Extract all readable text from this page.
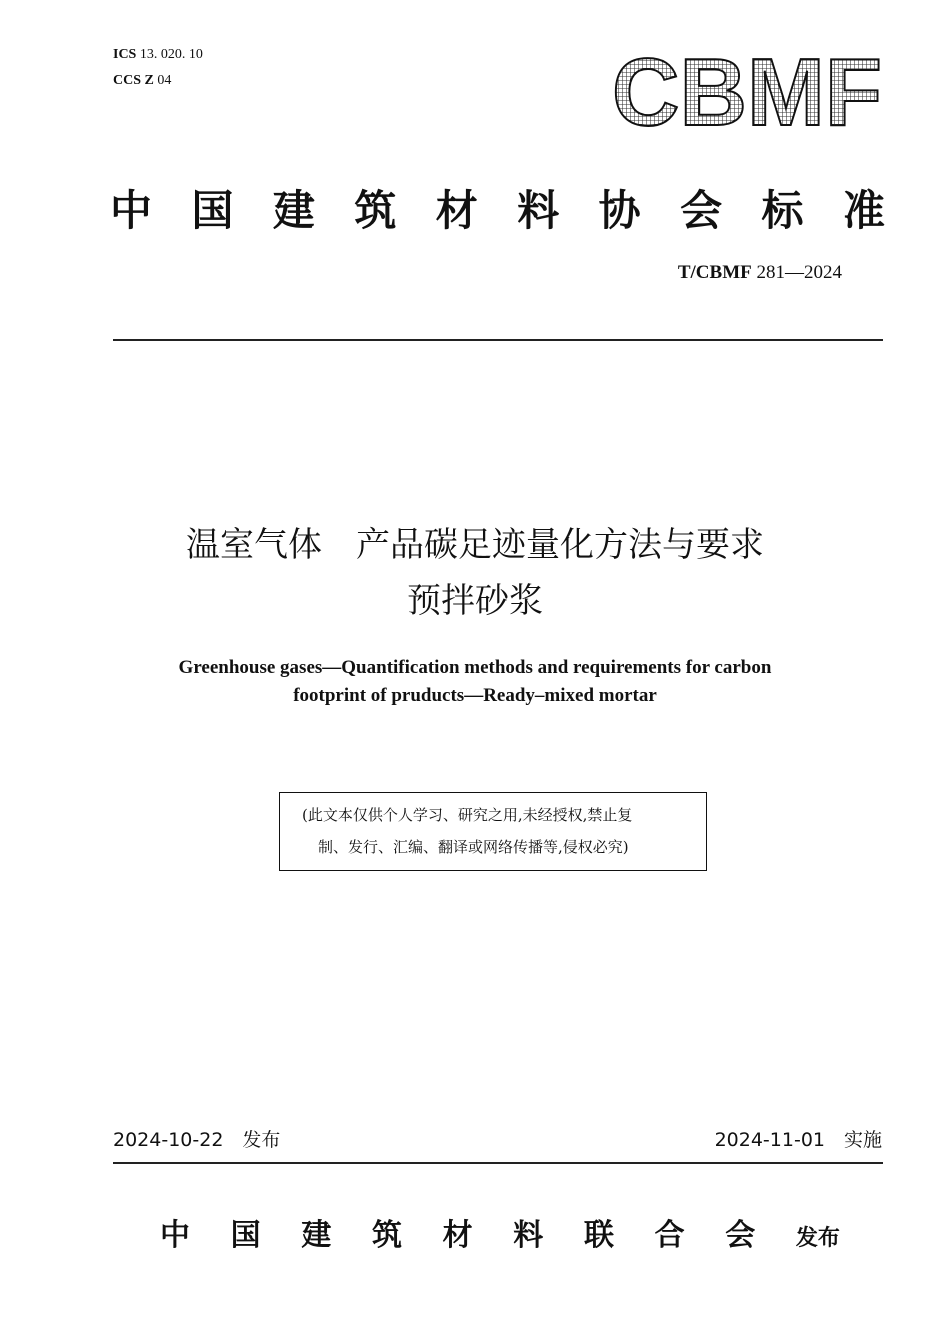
ICS 13. 020. 10
CCS Z 04	CBMF
中 国 建 筑 材 料 协 会 标 准
T/CBMF 281—2024
温室气体　产品碳足迹量化方法与要求
预拌砂浆
Greenhouse gases—Quantification methods and requirements for carbon
footprint of pruducts—Ready–mixed mortar
(此文本仅供个人学习、研究之用,未经授权,禁止复
制、发行、汇编、翻译或网络传播等,侵权必究)
2024-10-22　发布	2024-11-01　实施
中 国 建 筑 材 料 联 合 会 发布
